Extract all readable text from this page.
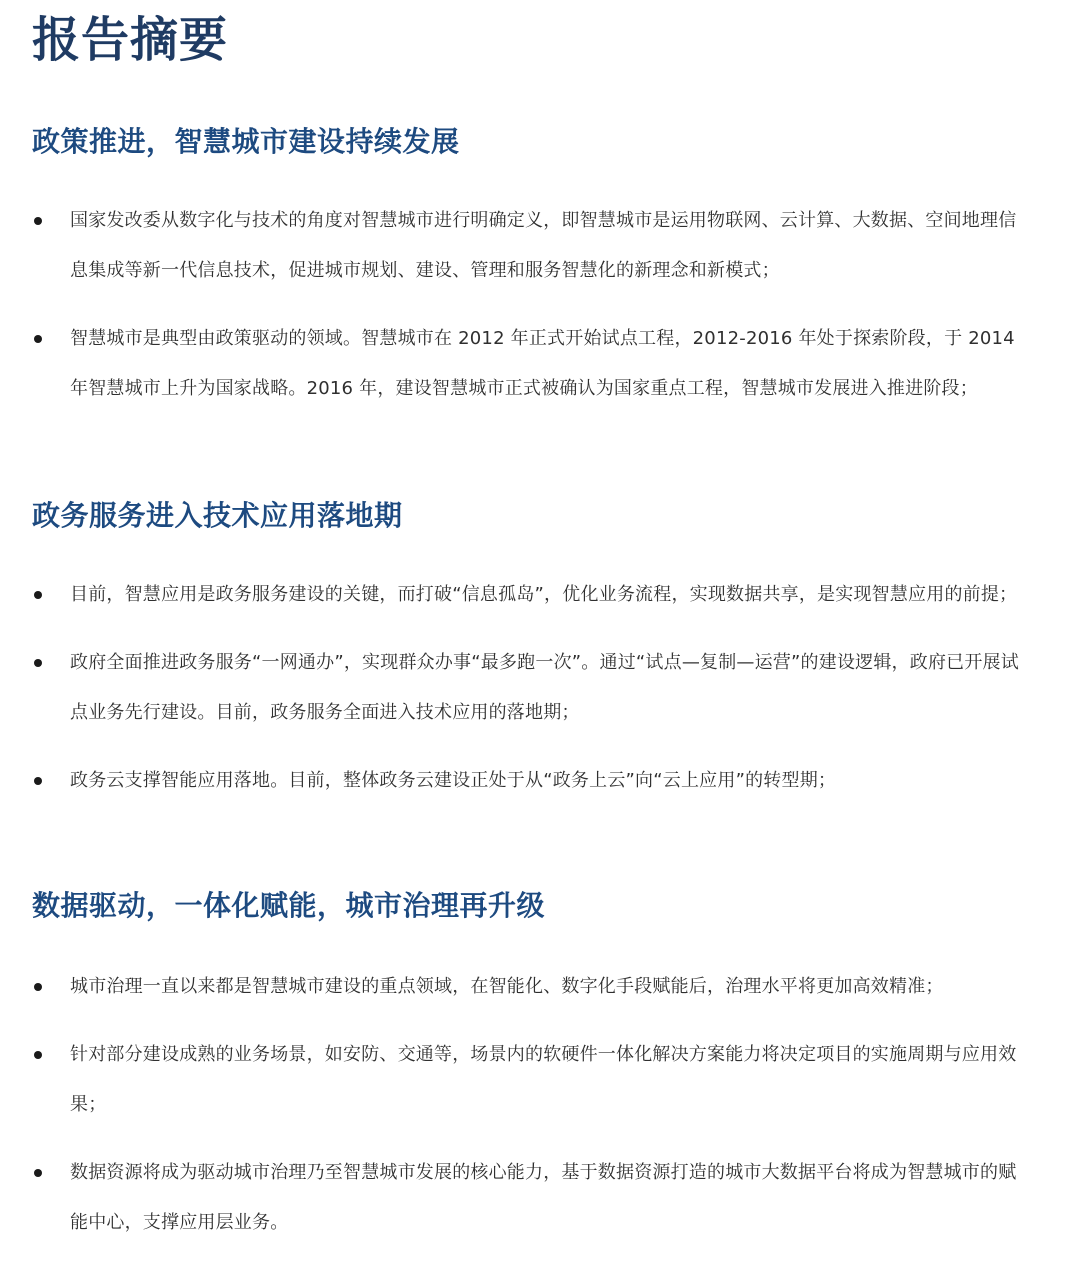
报告摘要
政策推进，智慧城市建设持续发展
国家发改委从数字化与技术的角度对智慧城市进行明确定义，即智慧城市是运用物联网、云计算、大数据、空间地理信息集成等新一代信息技术，促进城市规划、建设、管理和服务智慧化的新理念和新模式；
智慧城市是典型由政策驱动的领域。智慧城市在 2012 年正式开始试点工程，2012-2016 年处于探索阶段，于 2014 年智慧城市上升为国家战略。2016 年，建设智慧城市正式被确认为国家重点工程，智慧城市发展进入推进阶段；
政务服务进入技术应用落地期
目前，智慧应用是政务服务建设的关键，而打破“信息孤岛”，优化业务流程，实现数据共享，是实现智慧应用的前提；
政府全面推进政务服务“一网通办”，实现群众办事“最多跑一次”。通过“试点—复制—运营”的建设逻辑，政府已开展试点业务先行建设。目前，政务服务全面进入技术应用的落地期；
政务云支撑智能应用落地。目前，整体政务云建设正处于从“政务上云”向“云上应用”的转型期；
数据驱动，一体化赋能，城市治理再升级
城市治理一直以来都是智慧城市建设的重点领域，在智能化、数字化手段赋能后，治理水平将更加高效精准；
针对部分建设成熟的业务场景，如安防、交通等，场景内的软硬件一体化解决方案能力将决定项目的实施周期与应用效果；
数据资源将成为驱动城市治理乃至智慧城市发展的核心能力，基于数据资源打造的城市大数据平台将成为智慧城市的赋能中心，支撑应用层业务。
